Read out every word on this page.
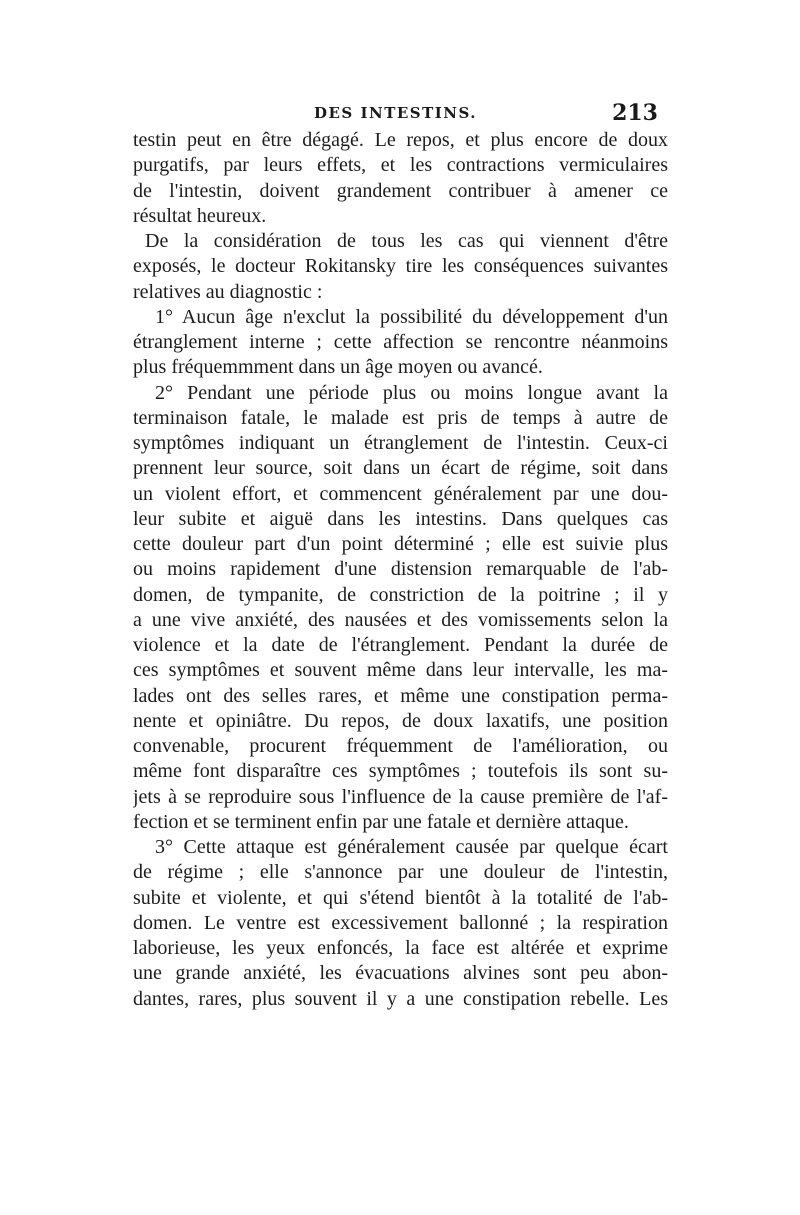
DES INTESTINS.	213
testin peut en être dégagé. Le repos, et plus encore de doux
purgatifs, par leurs effets, et les contractions vermiculaires
de l'intestin, doivent grandement contribuer à amener ce
résultat heureux.
De la considération de tous les cas qui viennent d'être
exposés, le docteur Rokitansky tire les conséquences suivantes
relatives au diagnostic :
1° Aucun âge n'exclut la possibilité du développement d'un
étranglement interne ; cette affection se rencontre néanmoins
plus fréquemmment dans un âge moyen ou avancé.
2° Pendant une période plus ou moins longue avant la
terminaison fatale, le malade est pris de temps à autre de
symptômes indiquant un étranglement de l'intestin. Ceux-ci
prennent leur source, soit dans un écart de régime, soit dans
un violent effort, et commencent généralement par une dou-
leur subite et aiguë dans les intestins. Dans quelques cas
cette douleur part d'un point déterminé ; elle est suivie plus
ou moins rapidement d'une distension remarquable de l'ab-
domen, de tympanite, de constriction de la poitrine ; il y
a une vive anxiété, des nausées et des vomissements selon la
violence et la date de l'étranglement. Pendant la durée de
ces symptômes et souvent même dans leur intervalle, les ma-
lades ont des selles rares, et même une constipation perma-
nente et opiniâtre. Du repos, de doux laxatifs, une position
convenable, procurent fréquemment de l'amélioration, ou
même font disparaître ces symptômes ; toutefois ils sont su-
jets à se reproduire sous l'influence de la cause première de l'af-
fection et se terminent enfin par une fatale et dernière attaque.
3° Cette attaque est généralement causée par quelque écart
de régime ; elle s'annonce par une douleur de l'intestin,
subite et violente, et qui s'étend bientôt à la totalité de l'ab-
domen. Le ventre est excessivement ballonné ; la respiration
laborieuse, les yeux enfoncés, la face est altérée et exprime
une grande anxiété, les évacuations alvines sont peu abon-
dantes, rares, plus souvent il y a une constipation rebelle. Les
